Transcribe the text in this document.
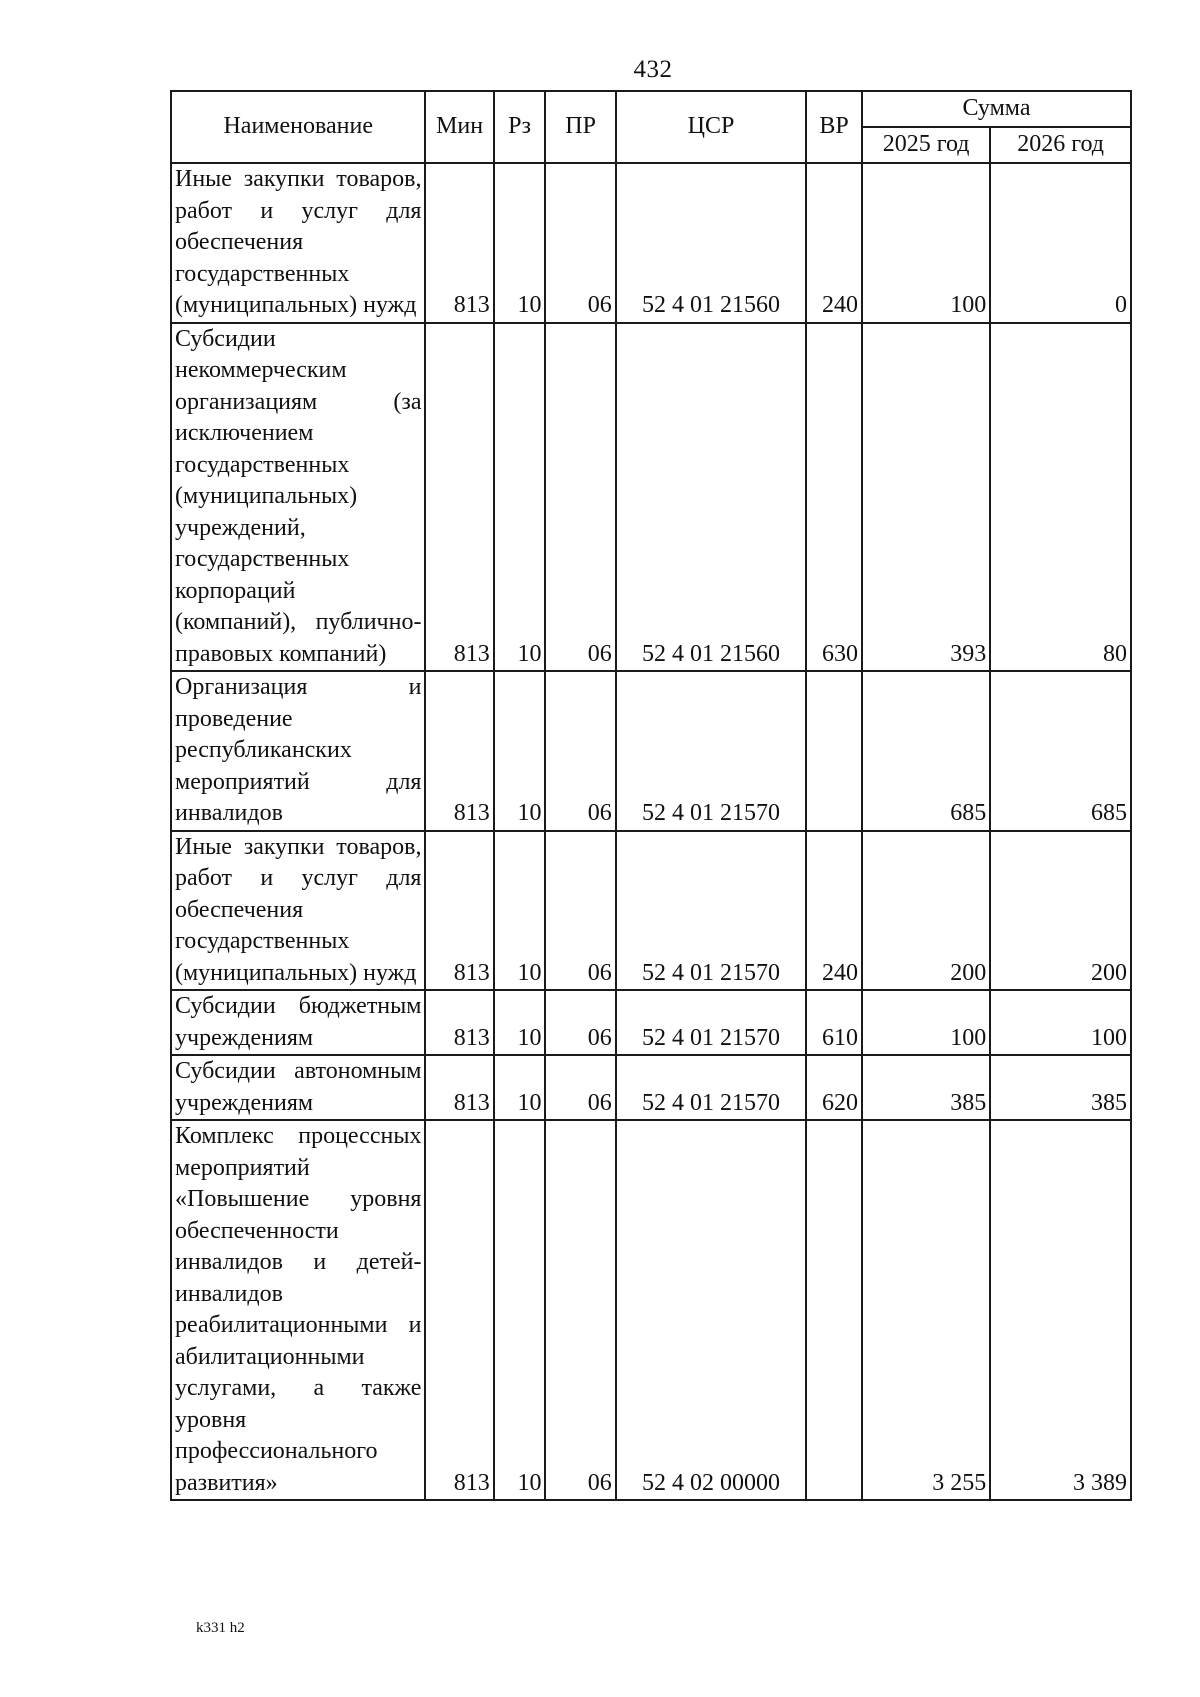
432
Наименование	Мин	Рз	ПР	ЦСР	ВР	Сумма	
						2025 год	2026 год
Иные закупки товаров, работ и услуг для обеспечения государственных (муниципальных) нужд	813	10	06	52 4 01 21560	240	100	0
Субсидии некоммерческим организациям (за исключением государственных (муниципальных) учреждений, государственных корпораций (компаний), публично-правовых компаний)	813	10	06	52 4 01 21560	630	393	80
Организация и проведение республиканских мероприятий для инвалидов	813	10	06	52 4 01 21570		685	685
Иные закупки товаров, работ и услуг для обеспечения государственных (муниципальных) нужд	813	10	06	52 4 01 21570	240	200	200
Субсидии бюджетным учреждениям	813	10	06	52 4 01 21570	610	100	100
Субсидии автономным учреждениям	813	10	06	52 4 01 21570	620	385	385
Комплекс процессных мероприятий «Повышение уровня обеспеченности инвалидов и детей-инвалидов реабилитационными и абилитационными услугами, а также уровня профессионального развития»	813	10	06	52 4 02 00000		3 255	3 389
k331 h2
